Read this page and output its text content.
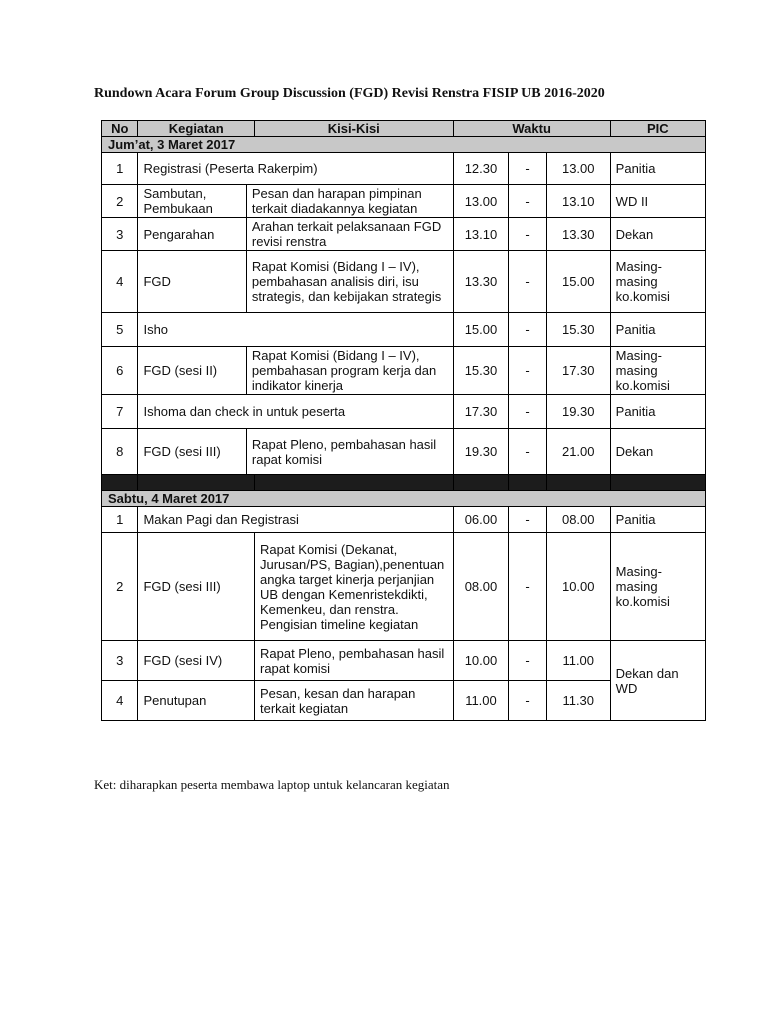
Rundown Acara Forum Group Discussion (FGD) Revisi Renstra FISIP UB 2016-2020
No	Kegiatan		Kisi-Kisi	Waktu			PIC
Jum’at, 3 Maret 2017							
1	Registrasi (Peserta Rakerpim)			12.30	-	13.00	Panitia
2	Sambutan, Pembukaan	Pesan dan harapan pimpinan terkait diadakannya kegiatan		13.00	-	13.10	WD II
3	Pengarahan	Arahan terkait pelaksanaan FGD revisi renstra		13.10	-	13.30	Dekan
4	FGD	Rapat Komisi (Bidang I – IV), pembahasan analisis diri, isu strategis, dan kebijakan strategis		13.30	-	15.00	Masing-masing ko.komisi
5	Isho			15.00	-	15.30	Panitia
6	FGD (sesi II)	Rapat Komisi (Bidang I – IV), pembahasan program kerja dan indikator kinerja		15.30	-	17.30	Masing-masing ko.komisi
7	Ishoma dan check in untuk peserta			17.30	-	19.30	Panitia
8	FGD (sesi III)	Rapat Pleno, pembahasan hasil rapat komisi		19.30	-	21.00	Dekan

Sabtu, 4 Maret 2017							
1	Makan Pagi dan Registrasi			06.00	-	08.00	Panitia
2	FGD (sesi III)		Rapat Komisi (Dekanat, Jurusan/PS, Bagian),penentuan angka target kinerja perjanjian UB dengan Kemenristekdikti, Kemenkeu, dan renstra. Pengisian timeline kegiatan	08.00	-	10.00	Masing-masing ko.komisi
3	FGD (sesi IV)		Rapat Pleno, pembahasan hasil rapat komisi	10.00	-	11.00	Dekan dan WD
4	Penutupan		Pesan, kesan dan harapan terkait kegiatan	11.00	-	11.30	
Ket: diharapkan peserta membawa laptop untuk kelancaran kegiatan
